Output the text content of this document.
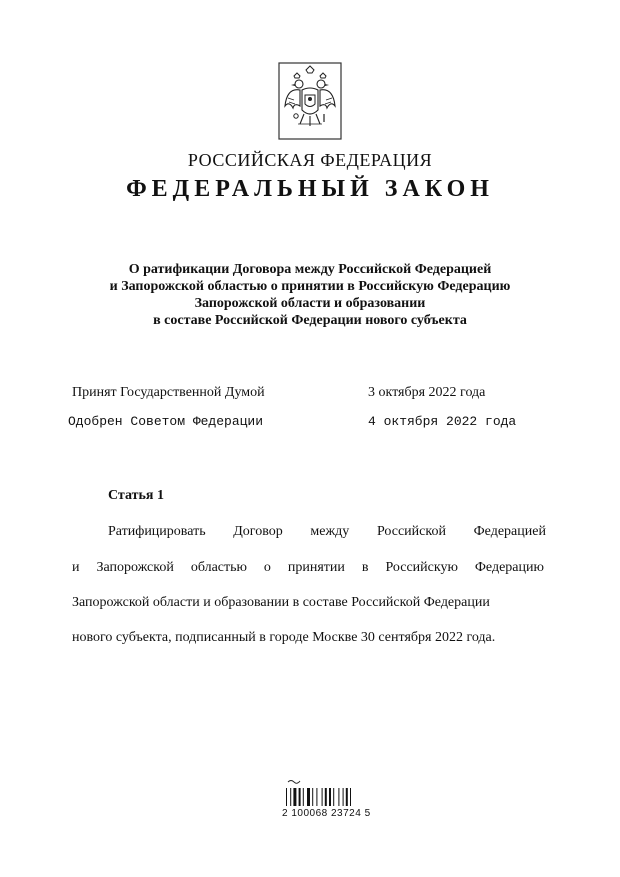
РОССИЙСКАЯ ФЕДЕРАЦИЯ
ФЕДЕРАЛЬНЫЙ ЗАКОН
О ратификации Договора между Российской Федерацией
и Запорожской областью о принятии в Российскую Федерацию
Запорожской области и образовании
в составе Российской Федерации нового субъекта
Принят Государственной Думой	3 октября 2022 года
Одобрен Советом Федерации	4 октября 2022 года
Статья 1
Ратифицировать Договор между Российской Федерацией
и Запорожской областью о принятии в Российскую Федерацию
Запорожской области и образовании в составе Российской Федерации
нового субъекта, подписанный в городе Москве 30 сентября 2022 года.
2 100068 23724 5
